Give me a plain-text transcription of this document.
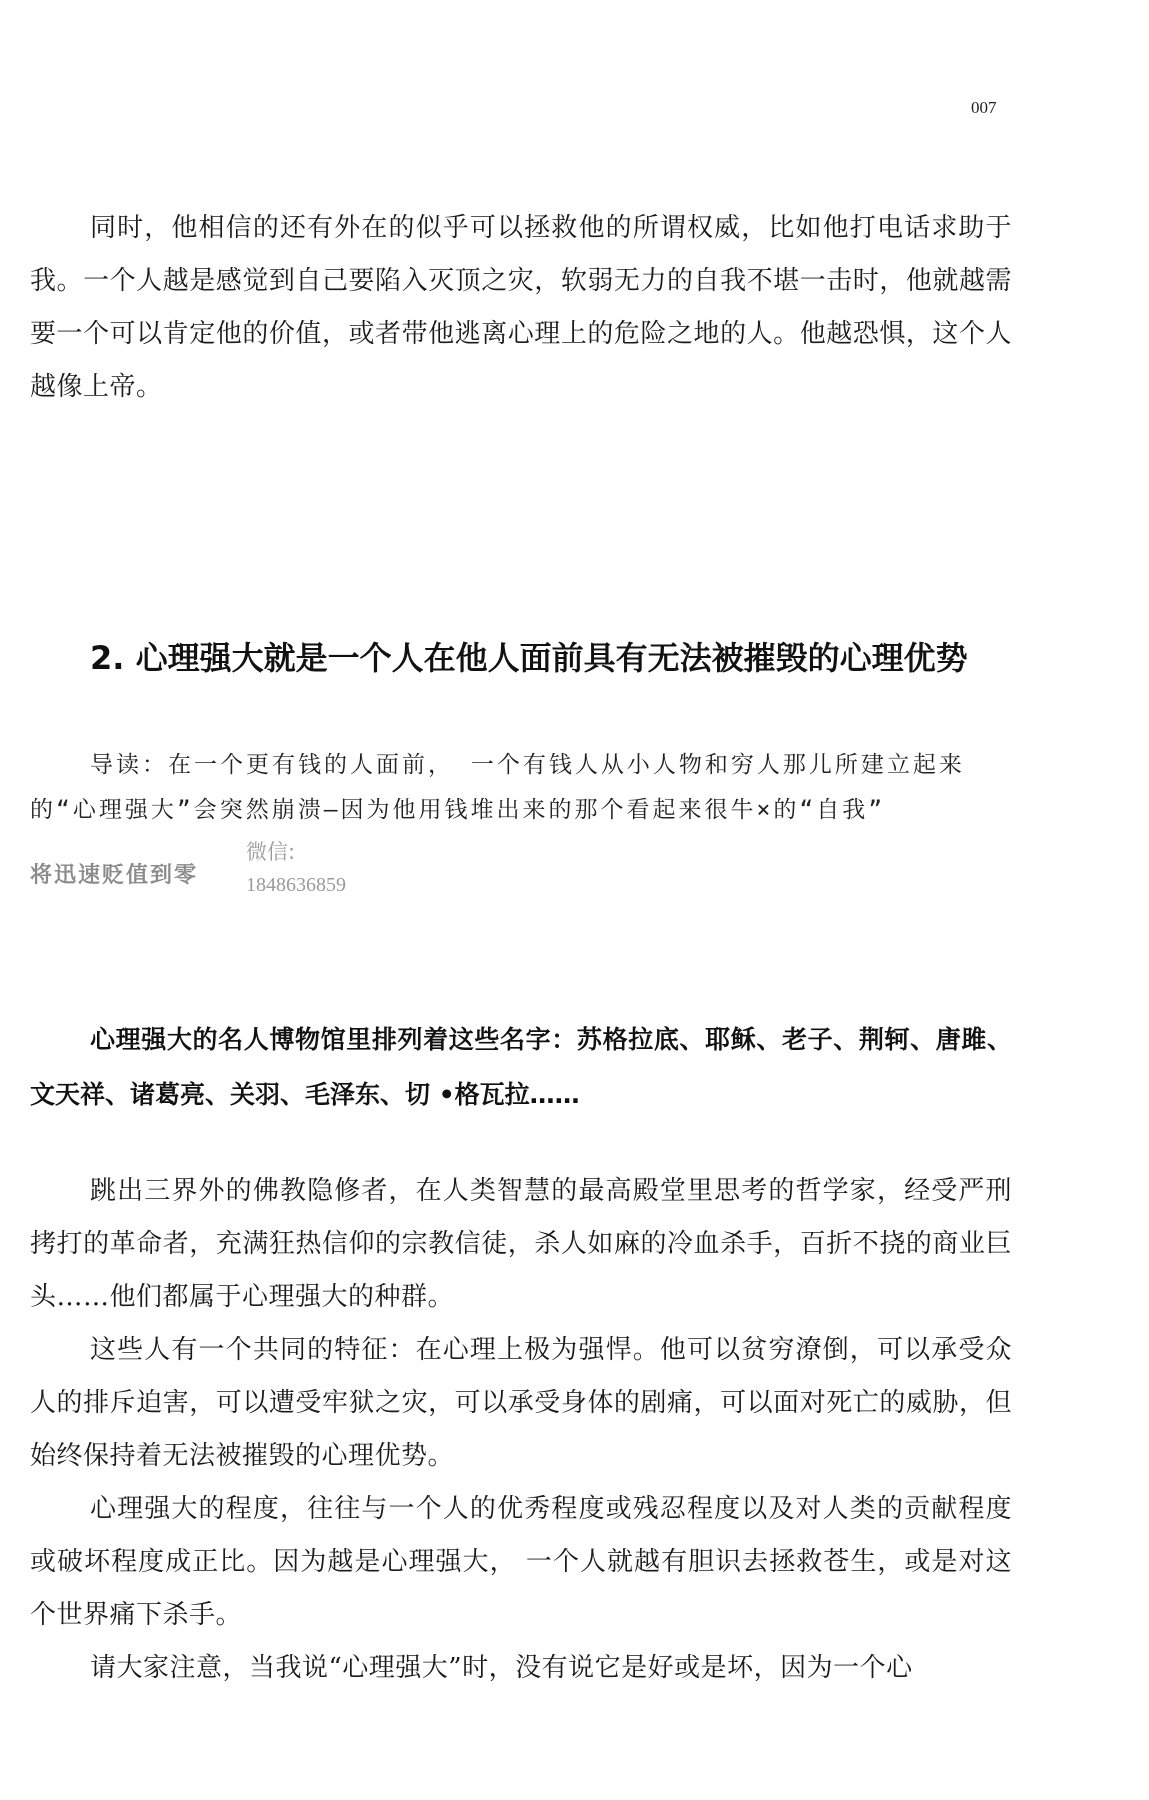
007

同时，他相信的还有外在的似乎可以拯救他的所谓权威，比如他打电话求助于我。一个人越是感觉到自己要陷入灭顶之灾，软弱无力的自我不堪一击时，他就越需要一个可以肯定他的价值，或者带他逃离心理上的危险之地的人。他越恐惧，这个人越像上帝。

2. 心理强大就是一个人在他人面前具有无法被摧毁的心理优势

导读：在一个更有钱的人面前， 一个有钱人从小人物和穷人那儿所建立起来的“心理强大”会突然崩溃—因为他用钱堆出来的那个看起来很牛×的“自我”

将迅速贬值到零
微信:
1848636859

心理强大的名人博物馆里排列着这些名字：苏格拉底、耶稣、老子、荆轲、唐雎、文天祥、诸葛亮、关羽、毛泽东、切 •格瓦拉……

跳出三界外的佛教隐修者，在人类智慧的最高殿堂里思考的哲学家，经受严刑拷打的革命者，充满狂热信仰的宗教信徒，杀人如麻的冷血杀手，百折不挠的商业巨头……他们都属于心理强大的种群。

这些人有一个共同的特征：在心理上极为强悍。他可以贫穷潦倒，可以承受众人的排斥迫害，可以遭受牢狱之灾，可以承受身体的剧痛，可以面对死亡的威胁，但始终保持着无法被摧毁的心理优势。

心理强大的程度，往往与一个人的优秀程度或残忍程度以及对人类的贡献程度或破坏程度成正比。因为越是心理强大， 一个人就越有胆识去拯救苍生，或是对这个世界痛下杀手。

请大家注意，当我说“心理强大”时，没有说它是好或是坏，因为一个心
